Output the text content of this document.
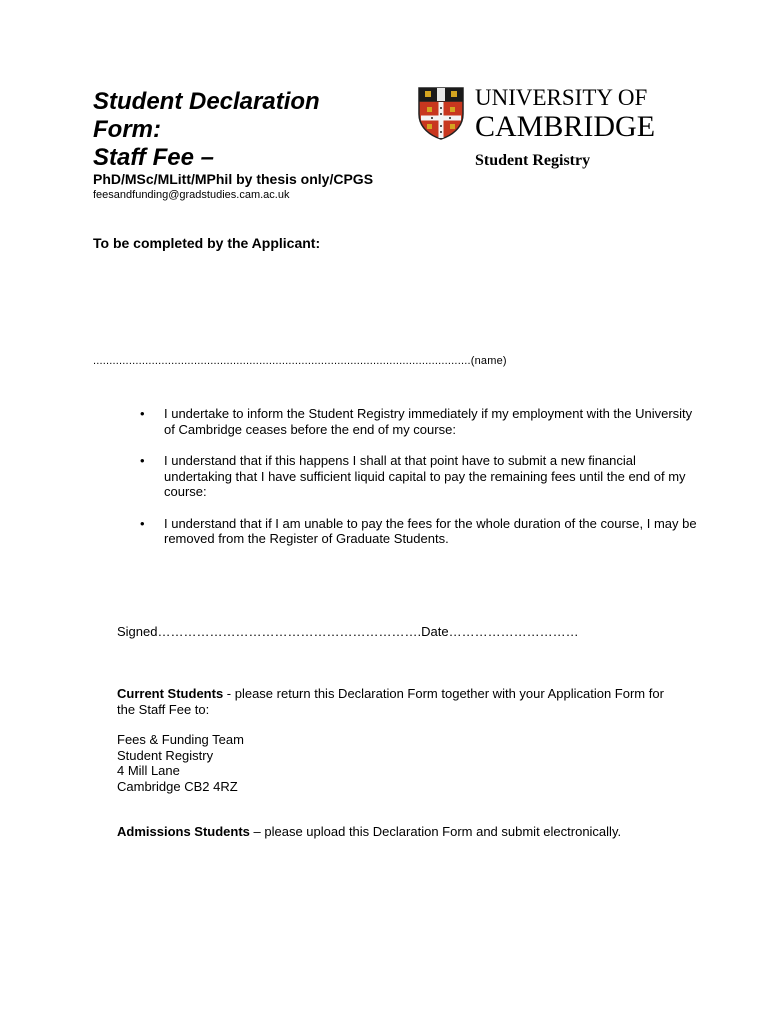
Student Declaration

Form:

Staff Fee –

PhD/MSc/MLitt/MPhil by thesis only/CPGS
feesandfunding@gradstudies.cam.ac.uk
UNIVERSITY OF
CAMBRIDGE
Student Registry
To be completed by the Applicant:
....................................................................................................................(name)
• I undertake to inform the Student Registry immediately if my employment with the University of Cambridge ceases before the end of my course:
• I understand that if this happens I shall at that point have to submit a new financial undertaking that I have sufficient liquid capital to pay the remaining fees until the end of my course:
• I understand that if I am unable to pay the fees for the whole duration of the course, I may be removed from the Register of Graduate Students.
Signed…………………………………………………….Date…………………………
Current Students - please return this Declaration Form together with your Application Form for the Staff Fee to:
Fees & Funding Team
Student Registry
4 Mill Lane
Cambridge CB2 4RZ
Admissions Students – please upload this Declaration Form and submit electronically.
